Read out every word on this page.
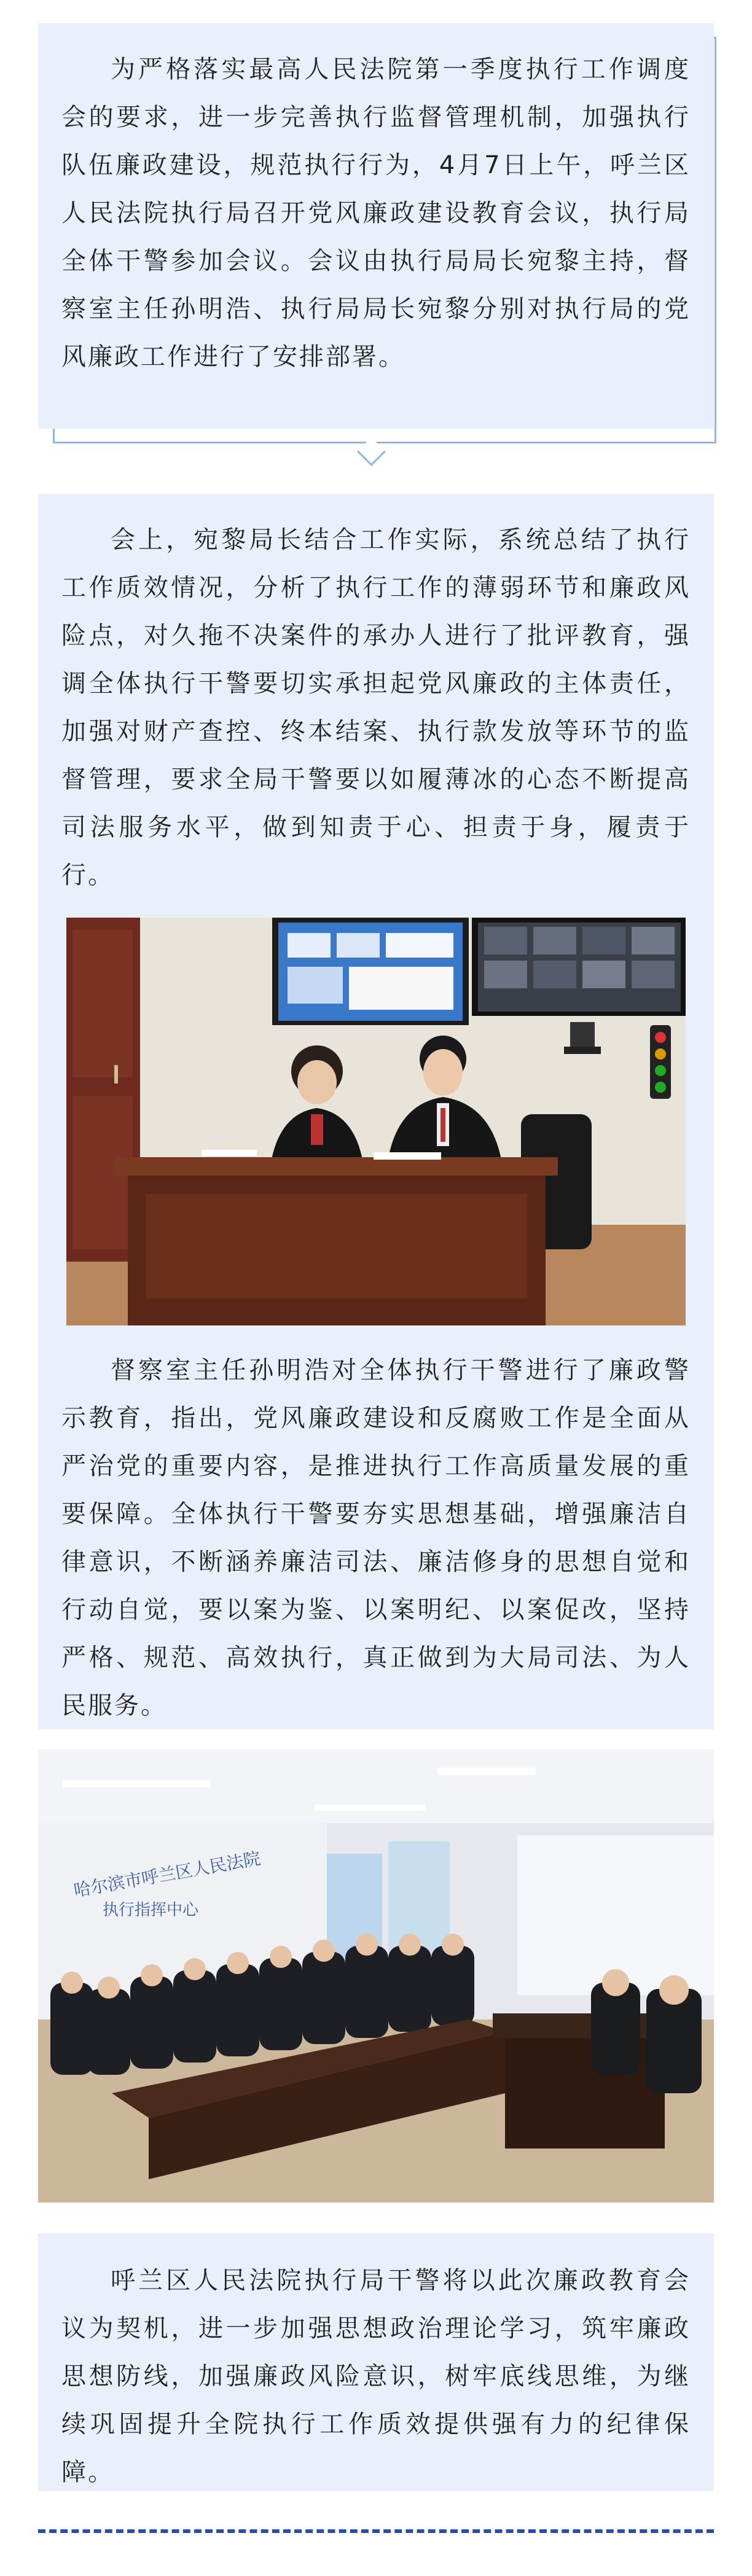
为严格落实最高人民法院第一季度执行工作调度会的要求，进一步完善执行监督管理机制，加强执行队伍廉政建设，规范执行行为，4月7日上午，呼兰区人民法院执行局召开党风廉政建设教育会议，执行局全体干警参加会议。会议由执行局局长宛黎主持，督察室主任孙明浩、执行局局长宛黎分别对执行局的党风廉政工作进行了安排部署。

会上，宛黎局长结合工作实际，系统总结了执行工作质效情况，分析了执行工作的薄弱环节和廉政风险点，对久拖不决案件的承办人进行了批评教育，强调全体执行干警要切实承担起党风廉政的主体责任，加强对财产查控、终本结案、执行款发放等环节的监督管理，要求全局干警要以如履薄冰的心态不断提高司法服务水平，做到知责于心、担责于身，履责于行。

督察室主任孙明浩对全体执行干警进行了廉政警示教育，指出，党风廉政建设和反腐败工作是全面从严治党的重要内容，是推进执行工作高质量发展的重要保障。全体执行干警要夯实思想基础，增强廉洁自律意识，不断涵养廉洁司法、廉洁修身的思想自觉和行动自觉，要以案为鉴、以案明纪、以案促改，坚持严格、规范、高效执行，真正做到为大局司法、为人民服务。

哈尔滨市呼兰区人民法院
执行指挥中心

呼兰区人民法院执行局干警将以此次廉政教育会议为契机，进一步加强思想政治理论学习，筑牢廉政思想防线，加强廉政风险意识，树牢底线思维，为继续巩固提升全院执行工作质效提供强有力的纪律保障。
